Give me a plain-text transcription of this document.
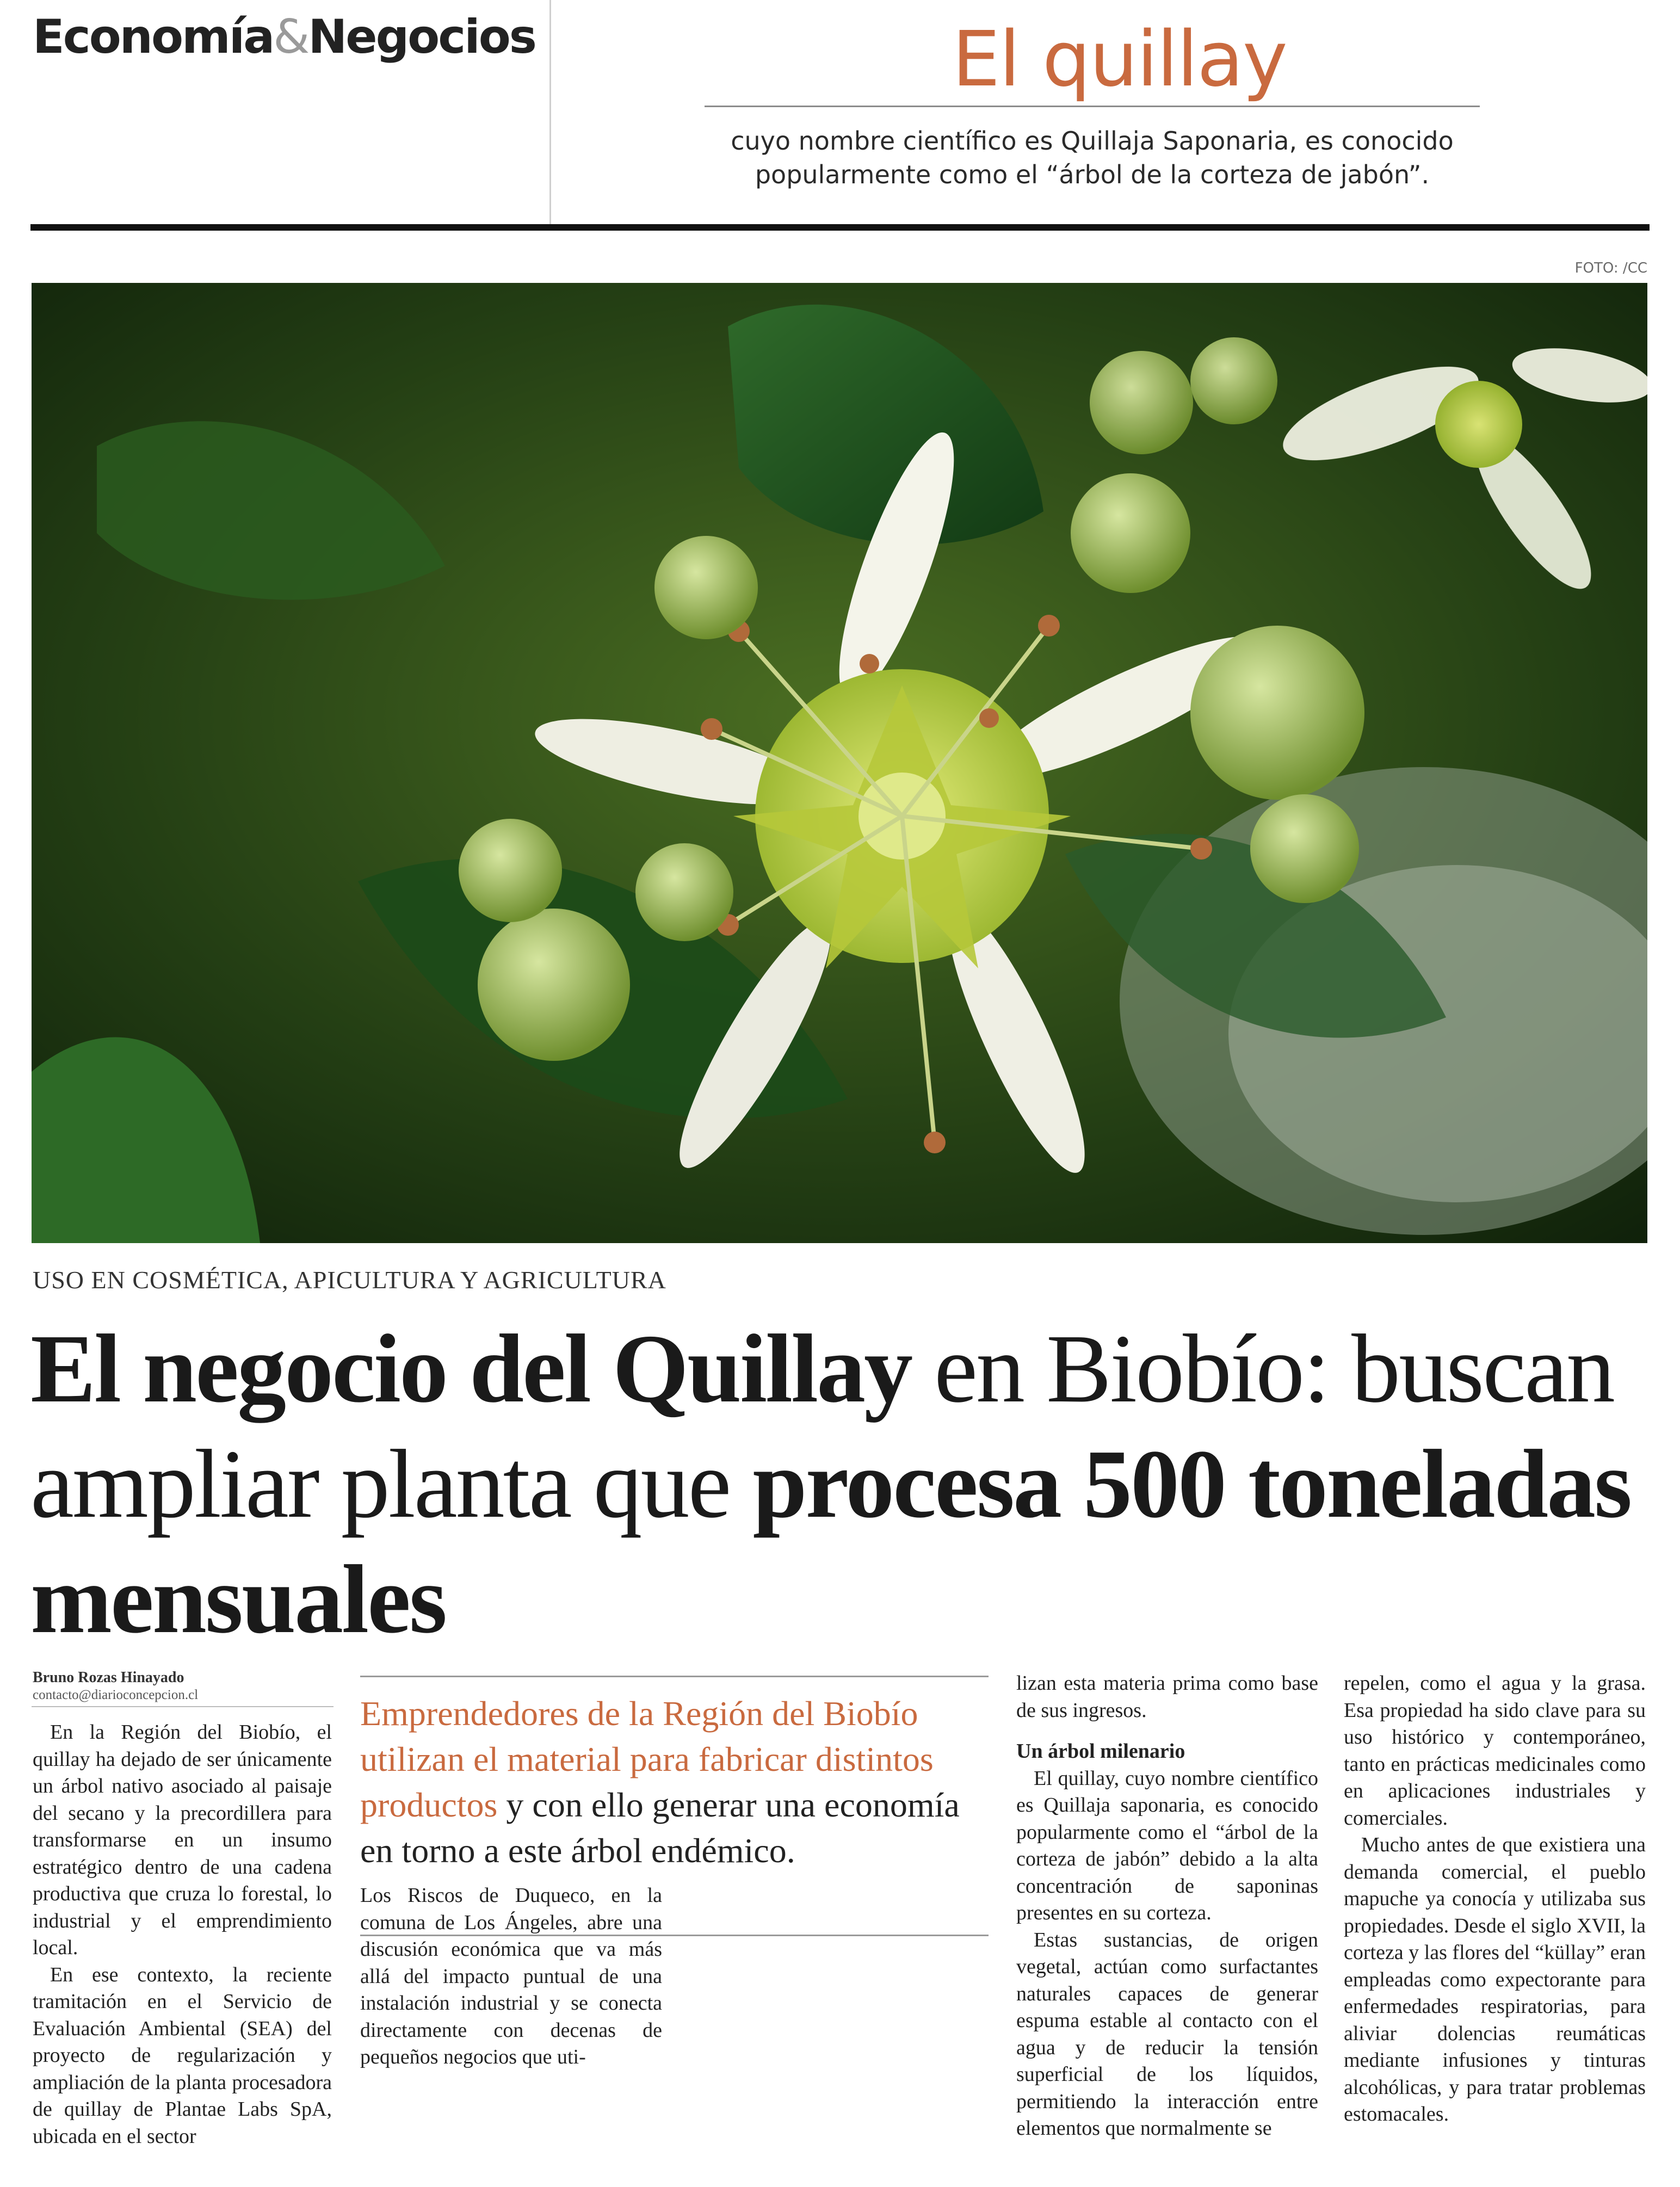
Economía&Negocios	El quillay
cuyo nombre científico es Quillaja Saponaria, es conocido popularmente como el “árbol de la corteza de jabón”.
FOTO: /CC
USO EN COSMÉTICA, APICULTURA Y AGRICULTURA
El negocio del Quillay en Biobío: buscan ampliar planta que procesa 500 toneladas mensuales
Bruno Rozas Hinayado
contacto@diarioconcepcion.cl

En la Región del Biobío, el quillay ha dejado de ser únicamente un árbol nativo asociado al paisaje del secano y la precordillera para transformarse en un insumo estratégico dentro de una cadena productiva que cruza lo forestal, lo industrial y el emprendimiento local.

En ese contexto, la reciente tramitación en el Servicio de Evaluación Ambiental (SEA) del proyecto de regularización y ampliación de la planta procesadora de quillay de Plantae Labs SpA, ubicada en el sector

Emprendedores de la Región del Biobío utilizan el material para fabricar distintos productos y con ello generar una economía en torno a este árbol endémico.

Los Riscos de Duqueco, en la comuna de Los Ángeles, abre una discusión económica que va más allá del impacto puntual de una instalación industrial y se conecta directamente con decenas de pequeños negocios que uti-

lizan esta materia prima como base de sus ingresos.

Un árbol milenario

El quillay, cuyo nombre científico es Quillaja saponaria, es conocido popularmente como el “árbol de la corteza de jabón” debido a la alta concentración de saponinas presentes en su corteza.

Estas sustancias, de origen vegetal, actúan como surfactantes naturales capaces de generar espuma estable al contacto con el agua y de reducir la tensión superficial de los líquidos, permitiendo la interacción entre elementos que normalmente se

repelen, como el agua y la grasa. Esa propiedad ha sido clave para su uso histórico y contemporáneo, tanto en prácticas medicinales como en aplicaciones industriales y comerciales.

Mucho antes de que existiera una demanda comercial, el pueblo mapuche ya conocía y utilizaba sus propiedades. Desde el siglo XVII, la corteza y las flores del “küllay” eran empleadas como expectorante para enfermedades respiratorias, para aliviar dolencias reumáticas mediante infusiones y tinturas alcohólicas, y para tratar problemas estomacales.
